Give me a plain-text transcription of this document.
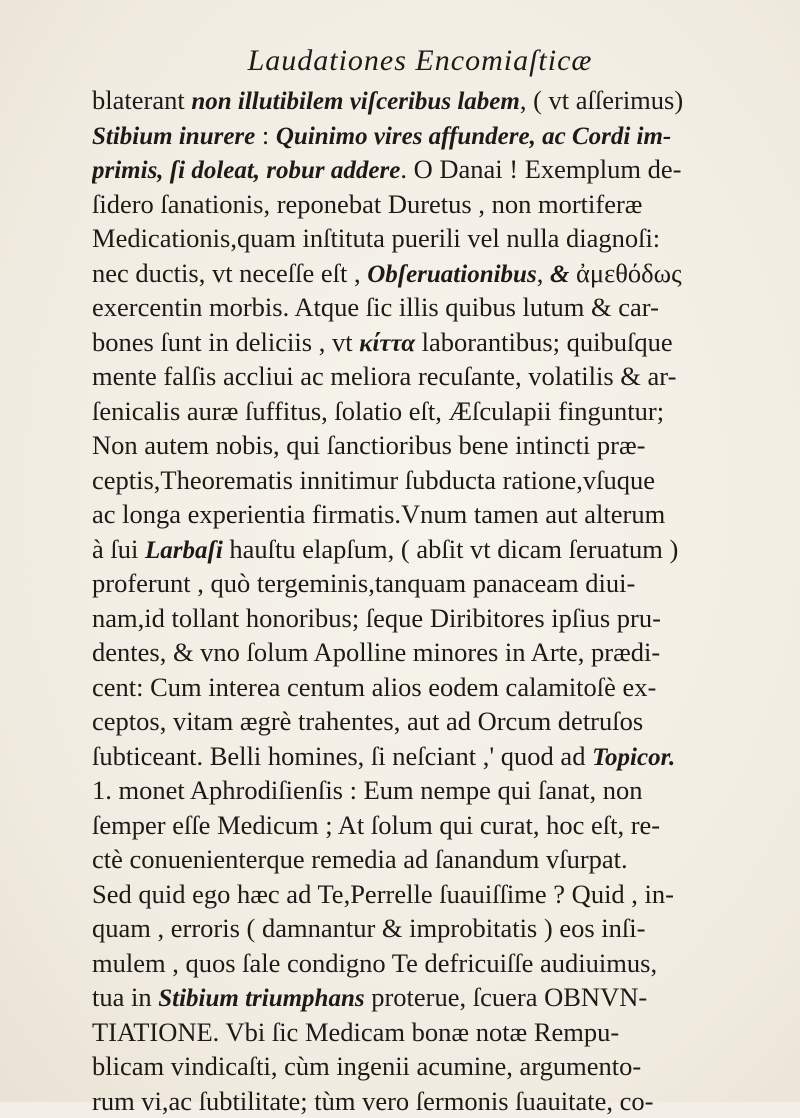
Laudationes Encomiaſticæ
blaterant non illutibilem viſceribus labem, ( vt aſſerimus)
Stibium inurere : Quinimo vires affundere, ac Cordi im-
primis, ſi doleat, robur addere. O Danai ! Exemplum de-
ſidero ſanationis, reponebat Duretus , non mortiferæ
Medicationis,quam inſtituta puerili vel nulla diagnoſi:
nec ductis, vt neceſſe eſt , Obſeruationibus, & ἀμεθόδως
exercentin morbis. Atque ſic illis quibus lutum & car-
bones ſunt in deliciis , vt κίττα laborantibus; quibuſque
mente falſis accliui ac meliora recuſante, volatilis & ar-
ſenicalis auræ ſuffitus, ſolatio eſt, Æſculapii finguntur;
Non autem nobis, qui ſanctioribus bene intincti præ-
ceptis,Theorematis innitimur ſubducta ratione,vſuque
ac longa experientia firmatis.Vnum tamen aut alterum
à ſui Larbaſi hauſtu elapſum, ( abſit vt dicam ſeruatum )
proferunt , quò tergeminis,tanquam panaceam diui-
nam,id tollant honoribus; ſeque Diribitores ipſius pru-
dentes, & vno ſolum Apolline minores in Arte, prædi-
cent: Cum interea centum alios eodem calamitoſè ex-
ceptos, vitam ægrè trahentes, aut ad Orcum detruſos
ſubticeant. Belli homines, ſi neſciant ,' quod ad Topicor.
1. monet Aphrodiſienſis : Eum nempe qui ſanat, non
ſemper eſſe Medicum ; At ſolum qui curat, hoc eſt, re-
ctè conuenienterque remedia ad ſanandum vſurpat.
Sed quid ego hæc ad Te,Perrelle ſuauiſſime ? Quid , in-
quam , erroris ( damnantur & improbitatis ) eos inſi-
mulem , quos ſale condigno Te defricuiſſe audiuimus,
tua in Stibium triumphans proterue, ſcuera OBNVN-
TIATIONE. Vbi ſic Medicam bonæ notæ Rempu-
blicam vindicaſti, cùm ingenii acumine, argumento-
rum vi,ac ſubtilitate; tùm vero ſermonis ſuauitate, co-
